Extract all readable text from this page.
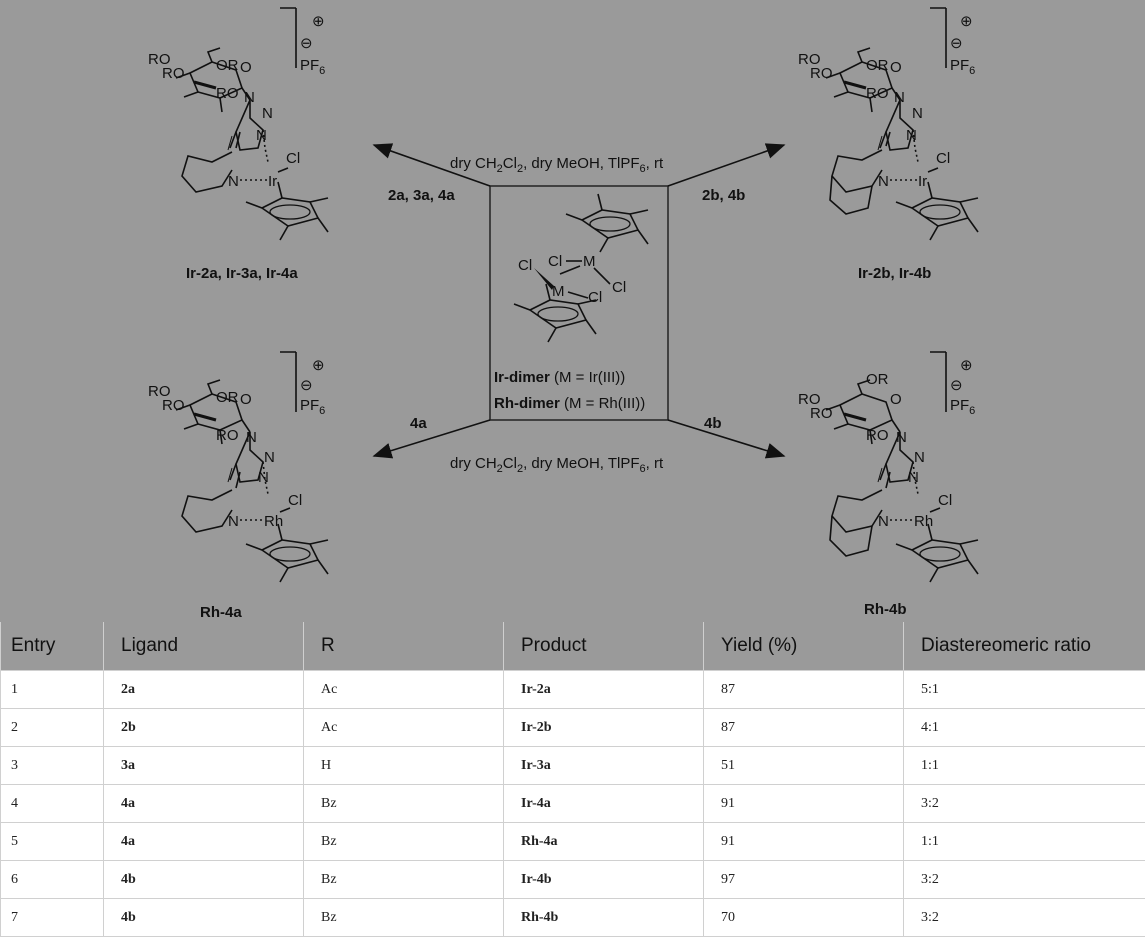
OR
RO
RO
RO
O
N
N
N
N Ir
Cl
⊕
⊖
$PF_6$
Ir-2a, Ir-3a, Ir-4a
OR
RO
RO
RO
O
N
N
N
N Ir
Cl
⊕
⊖
$PF_6$
Ir-2b, Ir-4b
OR
RO
RO
RO
O
N
N
N
N Rh
Cl
⊕
⊖
$PF_6$
Rh-4a
OR
RO
RO
RO
O
N
N
N
N Rh
Cl
⊕
⊖
$PF_6$
Rh-4b
Cl M
Cl
Cl
M Cl
Ir-dimer (M = Ir(III))
Rh-dimer (M = Rh(III))
dry $CH_2Cl_2$, dry MeOH, TlPF$_6$, rt
dry $CH_2Cl_2$, dry MeOH, TlPF$_6$, rt
2a, 3a, 4a	2b, 4b
4a	4b
Entry	Ligand	R	Product	Yield (%)	Diastereomeric ratio
1	2a	Ac	Ir-2a	87	5:1
2	2b	Ac	Ir-2b	87	4:1
3	3a	H	Ir-3a	51	1:1
4	4a	Bz	Ir-4a	91	3:2
5	4a	Bz	Rh-4a	91	1:1
6	4b	Bz	Ir-4b	97	3:2
7	4b	Bz	Rh-4b	70	3:2
